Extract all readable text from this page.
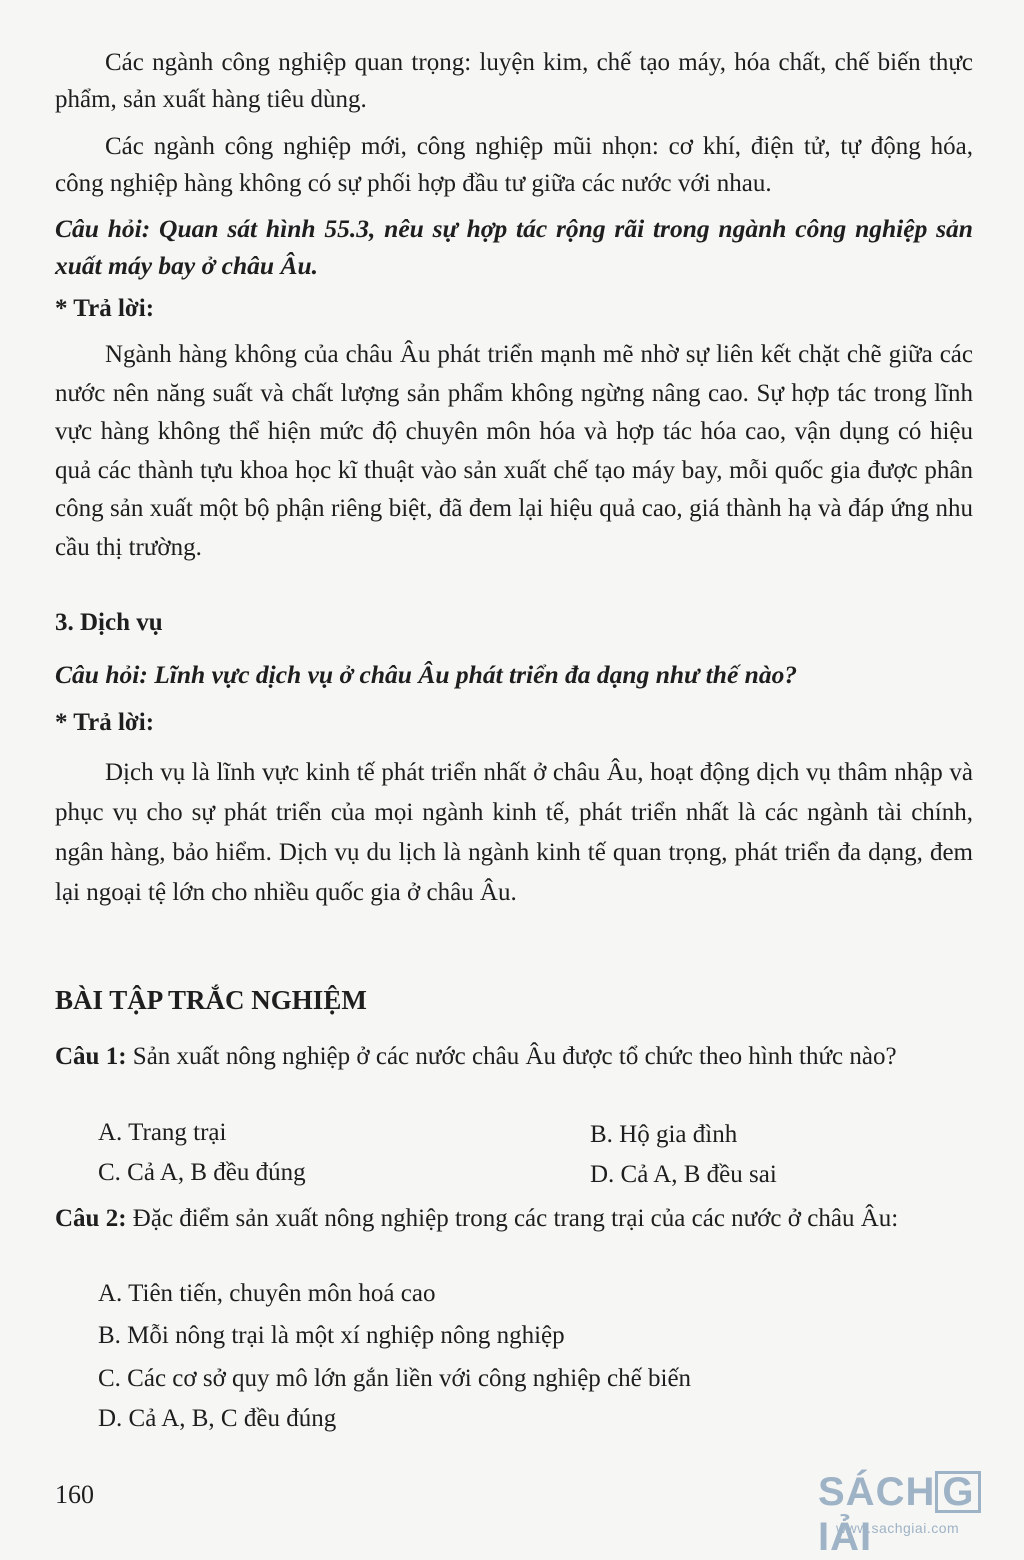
Các ngành công nghiệp quan trọng: luyện kim, chế tạo máy, hóa chất, chế biến thực phẩm, sản xuất hàng tiêu dùng.
Các ngành công nghiệp mới, công nghiệp mũi nhọn: cơ khí, điện tử, tự động hóa, công nghiệp hàng không có sự phối hợp đầu tư giữa các nước với nhau.
Câu hỏi: Quan sát hình 55.3, nêu sự hợp tác rộng rãi trong ngành công nghiệp sản xuất máy bay ở châu Âu.
* Trả lời:
Ngành hàng không của châu Âu phát triển mạnh mẽ nhờ sự liên kết chặt chẽ giữa các nước nên năng suất và chất lượng sản phẩm không ngừng nâng cao. Sự hợp tác trong lĩnh vực hàng không thể hiện mức độ chuyên môn hóa và hợp tác hóa cao, vận dụng có hiệu quả các thành tựu khoa học kĩ thuật vào sản xuất chế tạo máy bay, mỗi quốc gia được phân công sản xuất một bộ phận riêng biệt, đã đem lại hiệu quả cao, giá thành hạ và đáp ứng nhu cầu thị trường.
3. Dịch vụ
Câu hỏi: Lĩnh vực dịch vụ ở châu Âu phát triển đa dạng như thế nào?
* Trả lời:
Dịch vụ là lĩnh vực kinh tế phát triển nhất ở châu Âu, hoạt động dịch vụ thâm nhập và phục vụ cho sự phát triển của mọi ngành kinh tế, phát triển nhất là các ngành tài chính, ngân hàng, bảo hiểm. Dịch vụ du lịch là ngành kinh tế quan trọng, phát triển đa dạng, đem lại ngoại tệ lớn cho nhiều quốc gia ở châu Âu.
BÀI TẬP TRẮC NGHIỆM
Câu 1: Sản xuất nông nghiệp ở các nước châu Âu được tổ chức theo hình thức nào?
A. Trang trại	B. Hộ gia đình
C. Cả A, B đều đúng	D. Cả A, B đều sai
Câu 2: Đặc điểm sản xuất nông nghiệp trong các trang trại của các nước ở châu Âu:
A. Tiên tiến, chuyên môn hoá cao
B. Mỗi nông trại là một xí nghiệp nông nghiệp
C. Các cơ sở quy mô lớn gắn liền với công nghiệp chế biến
D. Cả A, B, C đều đúng
160	SÁCH GIẢI
www.sachgiai.com
